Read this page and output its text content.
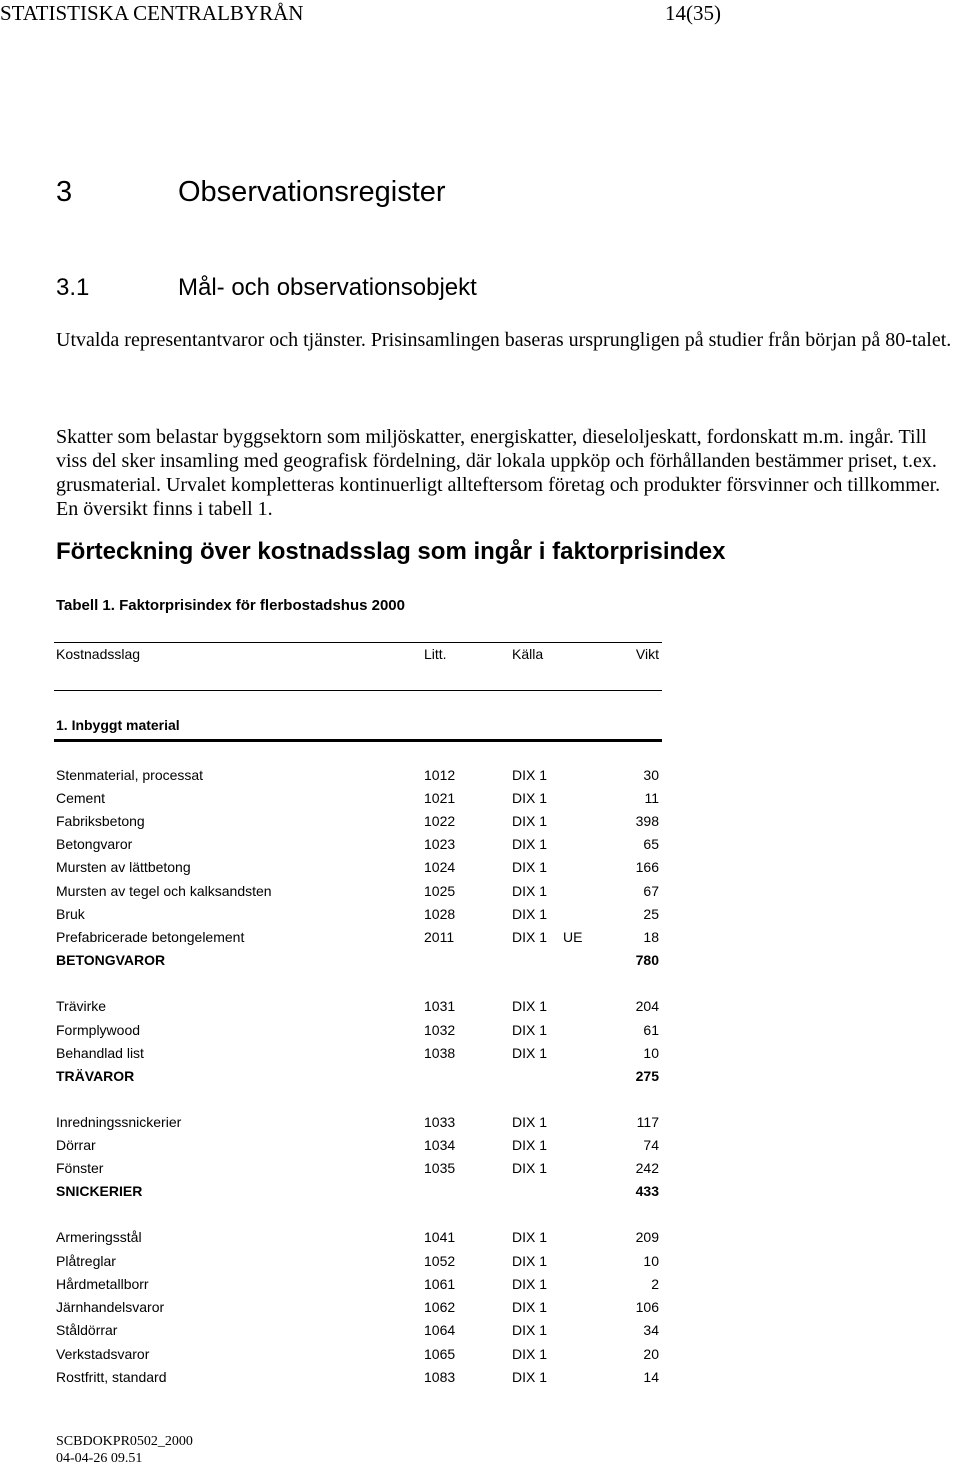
STATISTISKA CENTRALBYRÅN	14(35)
3	Observationsregister
3.1	Mål- och observationsobjekt
Utvalda representantvaror och tjänster. Prisinsamlingen baseras ursprungligen på studier från början på 80-talet.
Skatter som belastar byggsektorn som miljöskatter, energiskatter, dieseloljeskatt, fordonskatt m.m. ingår. Till viss del sker insamling med geografisk fördelning, där lokala uppköp och förhållanden bestämmer priset, t.ex. grusmaterial. Urvalet kompletteras kontinuerligt allteftersom företag och produkter försvinner och tillkommer. En översikt finns i tabell 1.
Förteckning över kostnadsslag som ingår i faktorprisindex
Tabell 1. Faktorprisindex för flerbostadshus 2000
Kostnadsslag	Litt.	Källa	Vikt
1. Inbyggt material
Stenmaterial, processat	1012	DIX 1	30
Cement	1021	DIX 1	11
Fabriksbetong	1022	DIX 1	398
Betongvaror	1023	DIX 1	65
Mursten av lättbetong	1024	DIX 1	166
Mursten av tegel och kalksandsten	1025	DIX 1	67
Bruk	1028	DIX 1	25
Prefabricerade betongelement	2011	DIX 1 UE	18
BETONGVAROR	780
Trävirke	1031	DIX 1	204
Formplywood	1032	DIX 1	61
Behandlad list	1038	DIX 1	10
TRÄVAROR	275
Inredningssnickerier	1033	DIX 1	117
Dörrar	1034	DIX 1	74
Fönster	1035	DIX 1	242
SNICKERIER	433
Armeringsstål	1041	DIX 1	209
Plåtreglar	1052	DIX 1	10
Hårdmetallborr	1061	DIX 1	2
Järnhandelsvaror	1062	DIX 1	106
Ståldörrar	1064	DIX 1	34
Verkstadsvaror	1065	DIX 1	20
Rostfritt, standard	1083	DIX 1	14
SCBDOKPR0502_2000
04-04-26 09.51
